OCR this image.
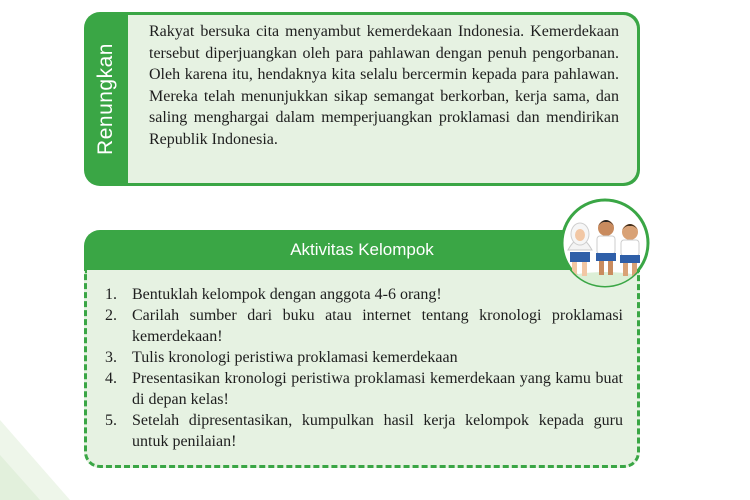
Renungkan

Rakyat bersuka cita menyambut kemerdekaan Indonesia. Kemerdekaan tersebut diperjuangkan oleh para pahlawan dengan penuh pengorbanan. Oleh karena itu, hendaknya kita selalu bercermin kepada para pahlawan. Mereka telah menunjukkan sikap semangat berkorban, kerja sama, dan saling menghargai dalam memperjuangkan proklamasi dan mendirikan Republik Indonesia.

Aktivitas Kelompok
1. Bentuklah kelompok dengan anggota 4-6 orang!
2. Carilah sumber dari buku atau internet tentang kronologi proklamasi kemerdekaan!
3. Tulis kronologi peristiwa proklamasi kemerdekaan
4. Presentasikan kronologi peristiwa proklamasi kemerdekaan yang kamu buat di depan kelas!
5. Setelah dipresentasikan, kumpulkan hasil kerja kelompok kepada guru untuk penilaian!
